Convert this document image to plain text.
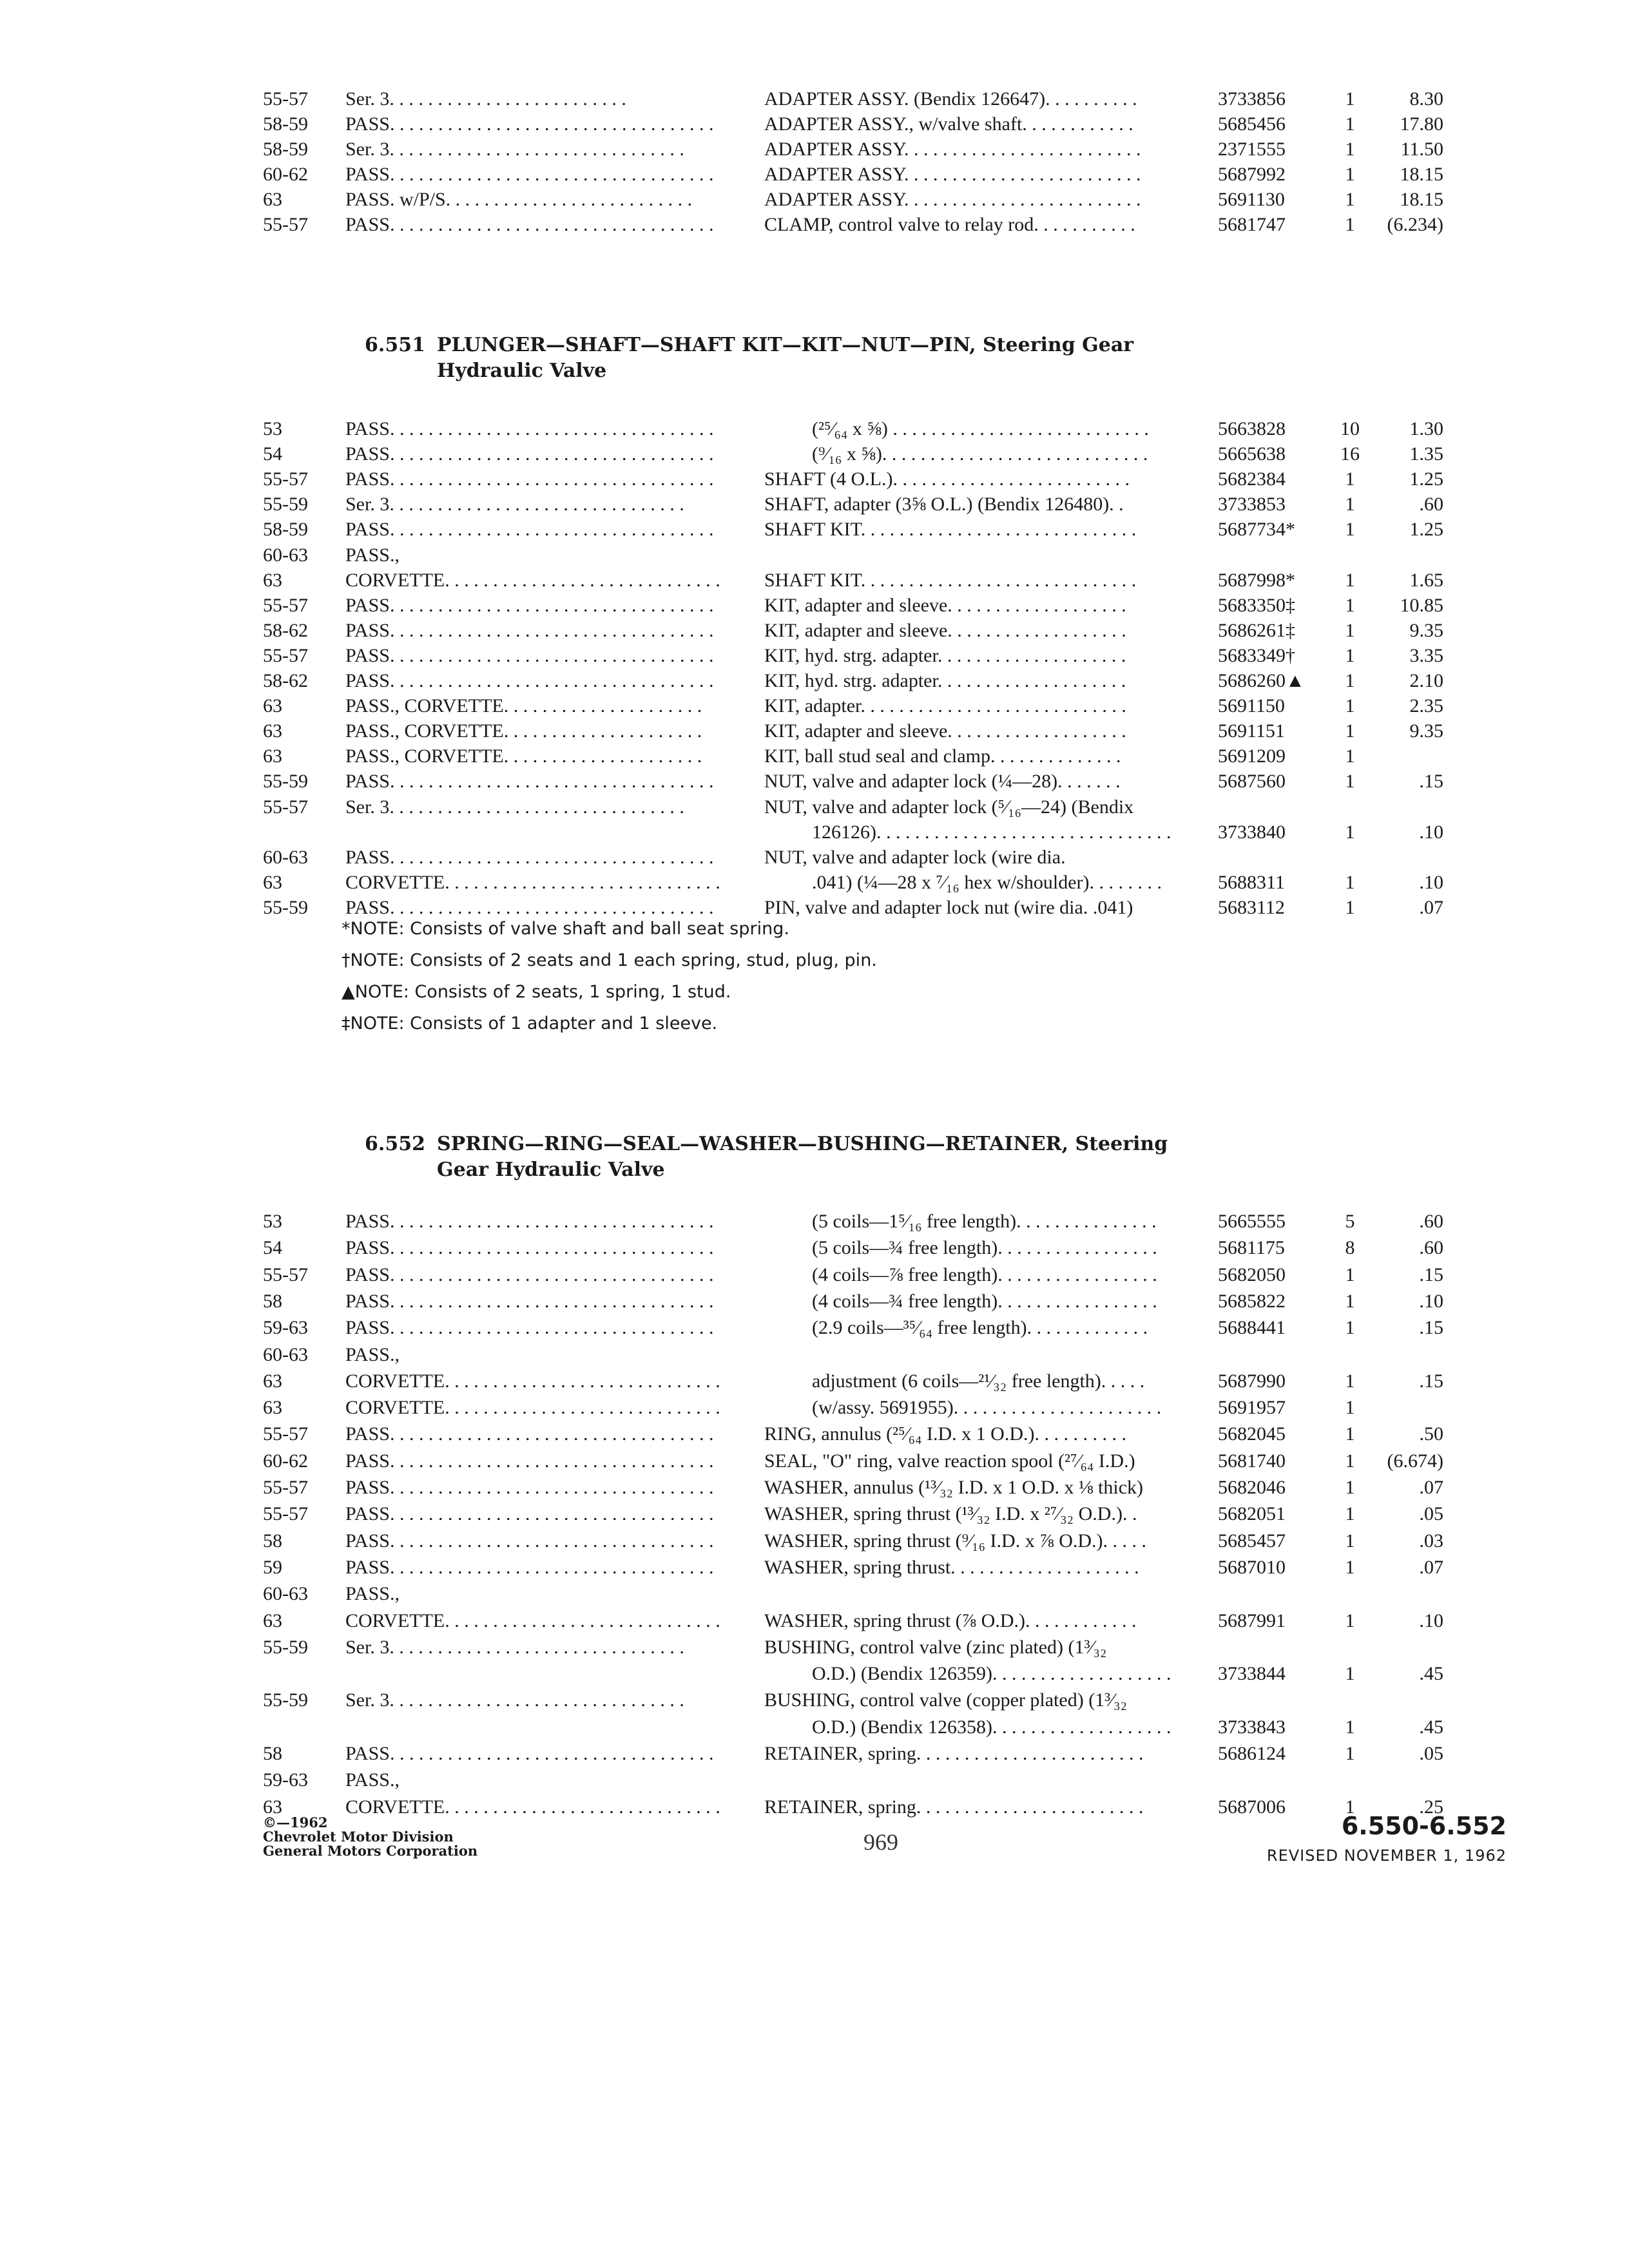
55-57	Ser. 3. . . . . . . . . . . . . . . . . . . . . . . . .	ADAPTER ASSY. (Bendix 126647). . . . . . . . . .	3733856	1	8.30
58-59	PASS. . . . . . . . . . . . . . . . . . . . . . . . . . . . . . . . . .	ADAPTER ASSY., w/valve shaft. . . . . . . . . . . .	5685456	1	17.80
58-59	Ser. 3. . . . . . . . . . . . . . . . . . . . . . . . . . . . . . .	ADAPTER ASSY. . . . . . . . . . . . . . . . . . . . . . . . .	2371555	1	11.50
60-62	PASS. . . . . . . . . . . . . . . . . . . . . . . . . . . . . . . . . .	ADAPTER ASSY. . . . . . . . . . . . . . . . . . . . . . . . .	5687992	1	18.15
63	PASS. w/P/S. . . . . . . . . . . . . . . . . . . . . . . . . .	ADAPTER ASSY. . . . . . . . . . . . . . . . . . . . . . . . .	5691130	1	18.15
55-57	PASS. . . . . . . . . . . . . . . . . . . . . . . . . . . . . . . . . .	CLAMP, control valve to relay rod. . . . . . . . . . .	5681747	1	(6.234)
6.551 PLUNGER—SHAFT—SHAFT KIT—KIT—NUT—PIN, Steering Gear
Hydraulic Valve
53	PASS. . . . . . . . . . . . . . . . . . . . . . . . . . . . . . . . . .	(²⁵⁄₆₄ x ⅝) . . . . . . . . . . . . . . . . . . . . . . . . . . .	5663828	10	1.30
54	PASS. . . . . . . . . . . . . . . . . . . . . . . . . . . . . . . . . .	(⁹⁄₁₆ x ⅝). . . . . . . . . . . . . . . . . . . . . . . . . . . .	5665638	16	1.35
55-57	PASS. . . . . . . . . . . . . . . . . . . . . . . . . . . . . . . . . .	SHAFT (4 O.L.). . . . . . . . . . . . . . . . . . . . . . . . .	5682384	1	1.25
55-59	Ser. 3. . . . . . . . . . . . . . . . . . . . . . . . . . . . . . .	SHAFT, adapter (3⅝ O.L.) (Bendix 126480). .	3733853	1	.60
58-59	PASS. . . . . . . . . . . . . . . . . . . . . . . . . . . . . . . . . .	SHAFT KIT. . . . . . . . . . . . . . . . . . . . . . . . . . . . .	5687734*	1	1.25
60-63	PASS.,
63	CORVETTE. . . . . . . . . . . . . . . . . . . . . . . . . . . . .	SHAFT KIT. . . . . . . . . . . . . . . . . . . . . . . . . . . . .	5687998*	1	1.65
55-57	PASS. . . . . . . . . . . . . . . . . . . . . . . . . . . . . . . . . .	KIT, adapter and sleeve. . . . . . . . . . . . . . . . . . .	5683350‡	1	10.85
58-62	PASS. . . . . . . . . . . . . . . . . . . . . . . . . . . . . . . . . .	KIT, adapter and sleeve. . . . . . . . . . . . . . . . . . .	5686261‡	1	9.35
55-57	PASS. . . . . . . . . . . . . . . . . . . . . . . . . . . . . . . . . .	KIT, hyd. strg. adapter. . . . . . . . . . . . . . . . . . . .	5683349†	1	3.35
58-62	PASS. . . . . . . . . . . . . . . . . . . . . . . . . . . . . . . . . .	KIT, hyd. strg. adapter. . . . . . . . . . . . . . . . . . . .	5686260▲	1	2.10
63	PASS., CORVETTE. . . . . . . . . . . . . . . . . . . . .	KIT, adapter. . . . . . . . . . . . . . . . . . . . . . . . . . . .	5691150	1	2.35
63	PASS., CORVETTE. . . . . . . . . . . . . . . . . . . . .	KIT, adapter and sleeve. . . . . . . . . . . . . . . . . . .	5691151	1	9.35
63	PASS., CORVETTE. . . . . . . . . . . . . . . . . . . . .	KIT, ball stud seal and clamp. . . . . . . . . . . . . .	5691209	1
55-59	PASS. . . . . . . . . . . . . . . . . . . . . . . . . . . . . . . . . .	NUT, valve and adapter lock (¼—28). . . . . . .	5687560	1	.15
55-57	Ser. 3. . . . . . . . . . . . . . . . . . . . . . . . . . . . . . .	NUT, valve and adapter lock (⁵⁄₁₆—24) (Bendix
126126). . . . . . . . . . . . . . . . . . . . . . . . . . . . . . .	3733840	1	.10
60-63	PASS. . . . . . . . . . . . . . . . . . . . . . . . . . . . . . . . . .	NUT, valve and adapter lock (wire dia.
63	CORVETTE. . . . . . . . . . . . . . . . . . . . . . . . . . . . .	.041) (¼—28 x ⁷⁄₁₆ hex w/shoulder). . . . . . . .	5688311	1	.10
55-59	PASS. . . . . . . . . . . . . . . . . . . . . . . . . . . . . . . . . .	PIN, valve and adapter lock nut (wire dia. .041)	5683112	1	.07
*NOTE: Consists of valve shaft and ball seat spring.
†NOTE: Consists of 2 seats and 1 each spring, stud, plug, pin.
▲NOTE: Consists of 2 seats, 1 spring, 1 stud.
‡NOTE: Consists of 1 adapter and 1 sleeve.
6.552 SPRING—RING—SEAL—WASHER—BUSHING—RETAINER, Steering
Gear Hydraulic Valve
53	PASS. . . . . . . . . . . . . . . . . . . . . . . . . . . . . . . . . .	(5 coils—1⁵⁄₁₆ free length). . . . . . . . . . . . . . .	5665555	5	.60
54	PASS. . . . . . . . . . . . . . . . . . . . . . . . . . . . . . . . . .	(5 coils—¾ free length). . . . . . . . . . . . . . . . .	5681175	8	.60
55-57	PASS. . . . . . . . . . . . . . . . . . . . . . . . . . . . . . . . . .	(4 coils—⅞ free length). . . . . . . . . . . . . . . . .	5682050	1	.15
58	PASS. . . . . . . . . . . . . . . . . . . . . . . . . . . . . . . . . .	(4 coils—¾ free length). . . . . . . . . . . . . . . . .	5685822	1	.10
59-63	PASS. . . . . . . . . . . . . . . . . . . . . . . . . . . . . . . . . .	(2.9 coils—³⁵⁄₆₄ free length). . . . . . . . . . . . .	5688441	1	.15
60-63	PASS.,
63	CORVETTE. . . . . . . . . . . . . . . . . . . . . . . . . . . . .	adjustment (6 coils—²¹⁄₃₂ free length). . . . .	5687990	1	.15
63	CORVETTE. . . . . . . . . . . . . . . . . . . . . . . . . . . . .	(w/assy. 5691955). . . . . . . . . . . . . . . . . . . . . .	5691957	1
55-57	PASS. . . . . . . . . . . . . . . . . . . . . . . . . . . . . . . . . .	RING, annulus (²⁵⁄₆₄ I.D. x 1 O.D.). . . . . . . . . .	5682045	1	.50
60-62	PASS. . . . . . . . . . . . . . . . . . . . . . . . . . . . . . . . . .	SEAL, "O" ring, valve reaction spool (²⁷⁄₆₄ I.D.)	5681740	1	(6.674)
55-57	PASS. . . . . . . . . . . . . . . . . . . . . . . . . . . . . . . . . .	WASHER, annulus (¹³⁄₃₂ I.D. x 1 O.D. x ⅛ thick)	5682046	1	.07
55-57	PASS. . . . . . . . . . . . . . . . . . . . . . . . . . . . . . . . . .	WASHER, spring thrust (¹³⁄₃₂ I.D. x ²⁷⁄₃₂ O.D.). .	5682051	1	.05
58	PASS. . . . . . . . . . . . . . . . . . . . . . . . . . . . . . . . . .	WASHER, spring thrust (⁹⁄₁₆ I.D. x ⅞ O.D.). . . . .	5685457	1	.03
59	PASS. . . . . . . . . . . . . . . . . . . . . . . . . . . . . . . . . .	WASHER, spring thrust. . . . . . . . . . . . . . . . . . . .	5687010	1	.07
60-63	PASS.,
63	CORVETTE. . . . . . . . . . . . . . . . . . . . . . . . . . . . .	WASHER, spring thrust (⅞ O.D.). . . . . . . . . . . .	5687991	1	.10
55-59	Ser. 3. . . . . . . . . . . . . . . . . . . . . . . . . . . . . . .	BUSHING, control valve (zinc plated) (1³⁄₃₂
O.D.) (Bendix 126359). . . . . . . . . . . . . . . . . . .	3733844	1	.45
55-59	Ser. 3. . . . . . . . . . . . . . . . . . . . . . . . . . . . . . .	BUSHING, control valve (copper plated) (1³⁄₃₂
O.D.) (Bendix 126358). . . . . . . . . . . . . . . . . . .	3733843	1	.45
58	PASS. . . . . . . . . . . . . . . . . . . . . . . . . . . . . . . . . .	RETAINER, spring. . . . . . . . . . . . . . . . . . . . . . . .	5686124	1	.05
59-63	PASS.,
63	CORVETTE. . . . . . . . . . . . . . . . . . . . . . . . . . . . .	RETAINER, spring. . . . . . . . . . . . . . . . . . . . . . . .	5687006	1	.25
©—1962
Chevrolet Motor Division
General Motors Corporation	969
6.550-6.552
REVISED NOVEMBER 1, 1962
